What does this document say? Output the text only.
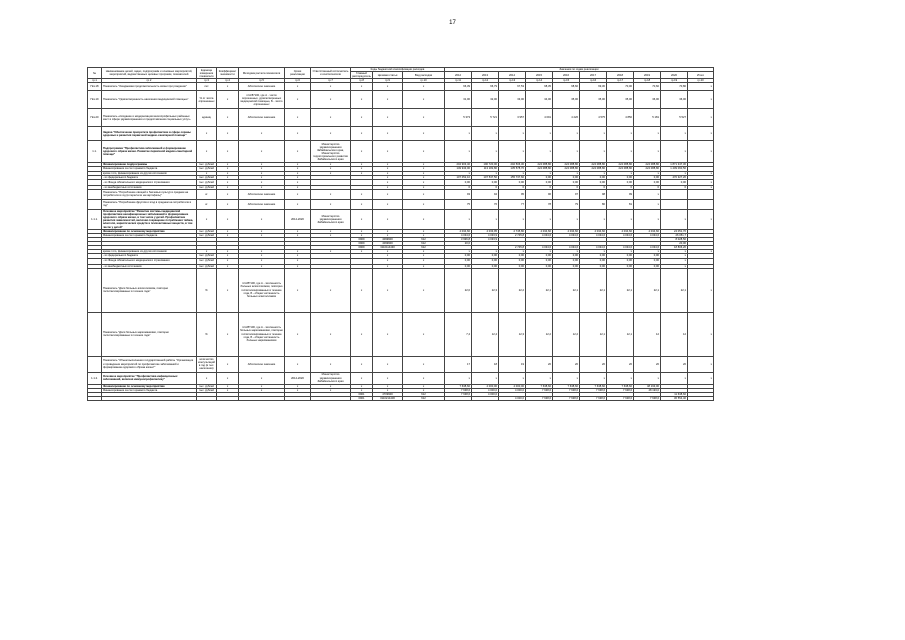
17
№	Наименование целей, задач, подпрограмм и основных мероприятий, мероприятий, ведомственных целевых программ, показателей	Единица измерения показателя	Коэффициент значимости	Методика расчета показателя	Сроки реализации	Ответственный исполнитель и соисполнители	Коды бюджетной классификации расходов			Значения по годам реализации									
							Главный распорядитель	Целевая статья	Вид расходов	2012	2013	2014	2015	2016	2017	2018	2019	2020	Итого
гр.1	гр.2	гр.3	гр.4	гр.5	гр.6	гр.7	гр.8	гр.9	гр.10	гр.11	гр.12	гр.13	гр.14	гр.15	гр.16	гр.17	гр.18	гр.19	гр.20
Пкз.18	Показатель "Ожидаемая продолжительность жизни при рождении"	лет	х	Абсолютное значение	х	х	х	х	х	66,39	66,79	67,53	68,35	68,60	69,30	70,00	70,60	70,80	х
Пкз.19	Показатель "Удовлетворенность населения медицинской помощью"	% от числа опрошенных	х	n=А/Б*100, где А - число опрошенных, удовлетворенных медицинской помощью, Б - число опрошенных	х	х	х	х	х	31,00	32,00	33,00	34,00	35,00	35,00	35,00	36,00	36,00	х
Пкз.20	Показатель «Создание и модернизация многопрофильных районных мест в сфере здравоохранения и предоставления социальных услуг»	единиц	х	Абсолютное значение	х	х	х	х	х	5 373	5 721	3 957	4 091	4 226	4 575	4 850	5 181	5 527	х
	Задача "Обеспечение приоритета профилактики в сфере охраны здоровья и развития первичной медико-санитарной помощи"	х	х	х	х	х	х	х	х	х	х	х	х	х	х	х	х	х	х
1.1.	Подпрограмма "Профилактика заболеваний и формирование здорового образа жизни. Развитие первичной медико-санитарной помощи"	х	х	х	х	Министерство здравоохранения Забайкальского края, Министерство территориального развития Забайкальского края	х	х	х	х	х	х	х	х	х	х	х	х	х
	Финансирование подпрограммы	тыс. рублей	х	х	х	х	х	х	х	204 903,40	190 720,00	202 506,30	224 088,80	224 088,80	224 088,80	224 088,80	224 088,80	1 871 347,30	
	Финансирование за счет краевого бюджета	тыс. рублей	х	х	х	х	х	х	х	149 943,00	113 182,80	135 578,70	224 088,80	224 088,80	224 088,80	224 088,80	224 088,80	1 409 060,50	
	кроме того, финансирование из других источников:	х	х	х	х	х	х	х	х	х	х	х	х	х	х	х	х	х	х
	- из федерального бюджета	тыс. рублей	х	х	х			х	х	107 052,10	107 537,50	155 737,60	0,00	0,00	0,00	0,00	0,00	470 327,20	
	- из Фонда обязательного медицинского страхования	тыс. рублей	х	х	х			х	х	0,00	0,00	0,00	0,00	0,00	0,00	0,00	0,00	0,00	х
	- из внебюджетных источников	тыс. рублей	х	х	х			х	х	0	0	0	0	0	0	0	0	0	х
	Показатель "Потребление овощей и бахчевых культур в среднем на потребителя в год (в пересчете на картофель)"	кг	х	Абсолютное значение	х	х	х	х	х	93	94	95	96	97	98	99	х		
	Показатель "Потребление фруктов и ягод в среднем на потребителя в год"	кг	х	Абсолютное значение	х	х	х	х	х	75	76	77	78	79	80	81	х		
1.1.1.	Основное мероприятие "Развитие системы медицинской профилактики неинфекционных заболеваний и формирование здорового образа жизни, в том числе у детей. Профилактика развития зависимостей, включая сокращение потребления табака, алкоголя, наркотических средств и психоактивных веществ, в том числе у детей"	х	х	х	2014-2020	Министерство здравоохранения Забайкальского края	х	х	х	х	х	х	х	х	х	х	х	х	х
	Финансирование по основному мероприятию	тыс. рублей	х	х	х	х	х	х	х	4 034,60	4 033,95	2 745,80	4 034,60	4 034,60	4 034,60	4 034,60	4 034,60	24 051,70	
	Финансирование за счет краевого бюджета	тыс. рублей	х	х	х	х	х	х	х	4 034,6	4 033,9	2 745,8	4 034,6	4 034,6	4 034,6	4 034,6	4 034,6	26 051,7	
							0909	4099900	612	3 996,8	4 033,9							8 028,50	
							0909	4099900	612	20,0								20,00	
							0909	3110114430	612			2 745,8	4 034,6	4 034,6	4 034,6	4 034,6	4 034,6	18 806,20	
	кроме того, финансирование из других источников:	х	х	х	х	х	х	х	х	х	х	х	х	х	х	х	х	х	х
	- из федерального бюджета	тыс. рублей	х	х	х			х	х	0,00	0,00	0,00	0,00	0,00	0,00	0,00	0,00	х	
	- из Фонда обязательного медицинского страхования	тыс. рублей	х	х	х			х	х	0,00	0,00	0,00	0,00	0,00	0,00	0,00	0,00	х	
	- из внебюджетных источников	тыс. рублей	х	х	х			х	х	0,00	0,00	0,00	0,00	0,00	0,00	0,00	0,00	х	
	Показатель "Доля больных алкоголизмом, повторно госпитализированных в течение года"	%	х	n=А/Б*100, где А - численность больных алкоголизмом, повторно госпитализированных в течение года, Б - общая численность больных алкоголизмом	х	х	х	х	х	22,0	22,3	22,2	22,1	22,1	22,1	22,1	22,1	22,1	х
	Показатель "Доля больных наркоманиями, повторно госпитализированных в течение года"	%	х	n=А/Б*100, где А - численность больных наркоманиями, повторно госпитализированных в течение года, Б - общая численность больных наркоманиями	х	х	х	х	х	7,4	12,4	12,3	12,2	12,2	12,1	12,1	12	12	х
	Показатель "Объем выполнения государственной работы "Организация и проведение мероприятий по профилактике заболеваний и формированию здорового образа жизни""	количество консультаций в год (в тыс. населения)	х	Абсолютное значение	х	х	х	х	х	17	18	19	20	20	20	20	20	20	х
1.1.2.	Основное мероприятие "Профилактика инфекционных заболеваний, включая иммунопрофилактику"	х	х	х	2014-2020	Министерство здравоохранения Забайкальского края	х	х	х	х	х	х	х	х	х	х	х	х	х
	Финансирование по основному мероприятию	тыс. рублей	х	х	х	х	х	х	х	7 638,60	4 000,00	4 000,00	7 638,60	7 638,60	7 638,60	7 638,60	48 193,00		
	Финансирование за счет краевого бюджета	тыс. рублей	х	х	х	х	х	х	х	7 638,6	4 000,0	4 000,0	7 638,6	7 638,6	7 638,6	7 638,6	48 193,0		
							0901	4709900	612	7 638,6	4 000,0							11 638,60	
							0901	3110214430	612			4 000,0	7 638,6	7 638,6	7 638,6	7 638,6	7 638,6	36 554,40	
